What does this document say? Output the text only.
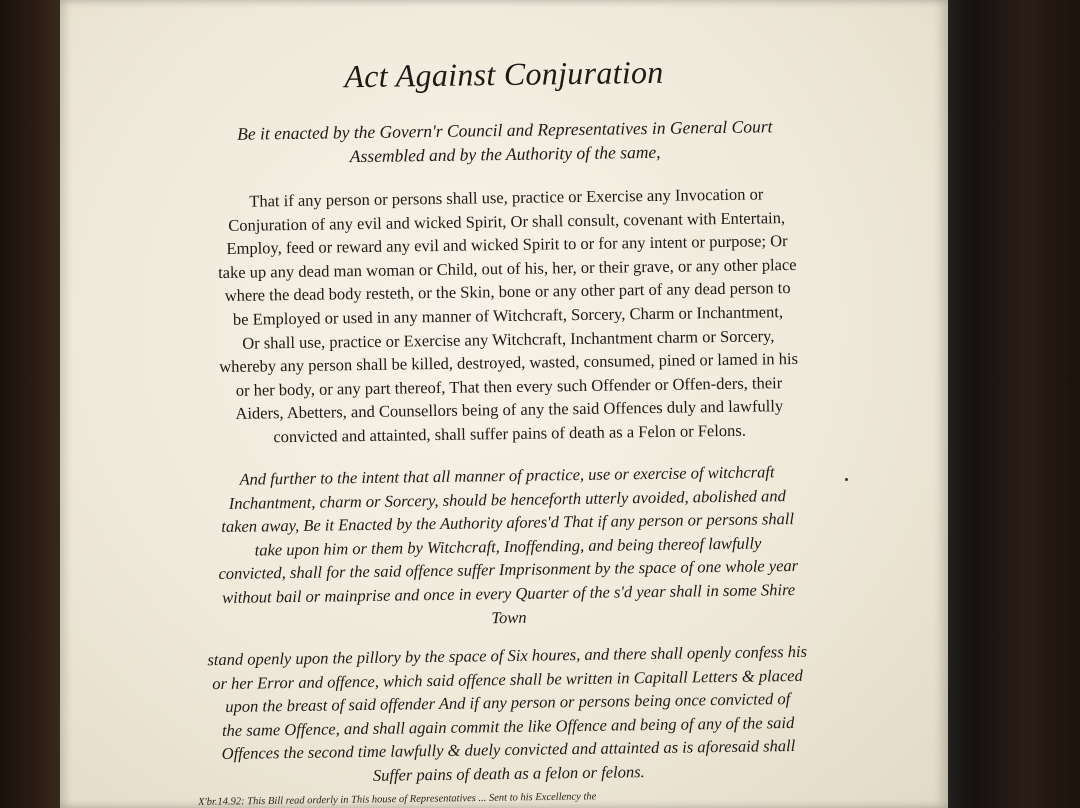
Act Against Conjuration
Be it enacted by the Govern'r Council and Representatives in General Court
Assembled and by the Authority of the same,
That if any person or persons shall use, practice or Exercise any Invocation or
Conjuration of any evil and wicked Spirit, Or shall consult, covenant with Entertain,
Employ, feed or reward any evil and wicked Spirit to or for any intent or purpose; Or
take up any dead man woman or Child, out of his, her, or their grave, or any other place
where the dead body resteth, or the Skin, bone or any other part of any dead person to
be Employed or used in any manner of Witchcraft, Sorcery, Charm or Inchantment,
Or shall use, practice or Exercise any Witchcraft, Inchantment charm or Sorcery,
whereby any person shall be killed, destroyed, wasted, consumed, pined or lamed in his
or her body, or any part thereof, That then every such Offender or Offen-ders, their
Aiders, Abetters, and Counsellors being of any the said Offences duly and lawfully
convicted and attainted, shall suffer pains of death as a Felon or Felons.
And further to the intent that all manner of practice, use or exercise of witchcraft
Inchantment, charm or Sorcery, should be henceforth utterly avoided, abolished and
taken away, Be it Enacted by the Authority afores'd That if any person or persons shall
take upon him or them by Witchcraft, Inoffending, and being thereof lawfully
convicted, shall for the said offence suffer Imprisonment by the space of one whole year
without bail or mainprise and once in every Quarter of the s'd year shall in some Shire
Town
stand openly upon the pillory by the space of Six houres, and there shall openly confess his
or her Error and offence, which said offence shall be written in Capitall Letters & placed
upon the breast of said offender And if any person or persons being once convicted of
the same Offence, and shall again commit the like Offence and being of any of the said
Offences the second time lawfully & duely convicted and attainted as is aforesaid shall
Suffer pains of death as a felon or felons.
X'br.14.92: This Bill read orderly in This house of Representatives ... Sent to his Excellency the
